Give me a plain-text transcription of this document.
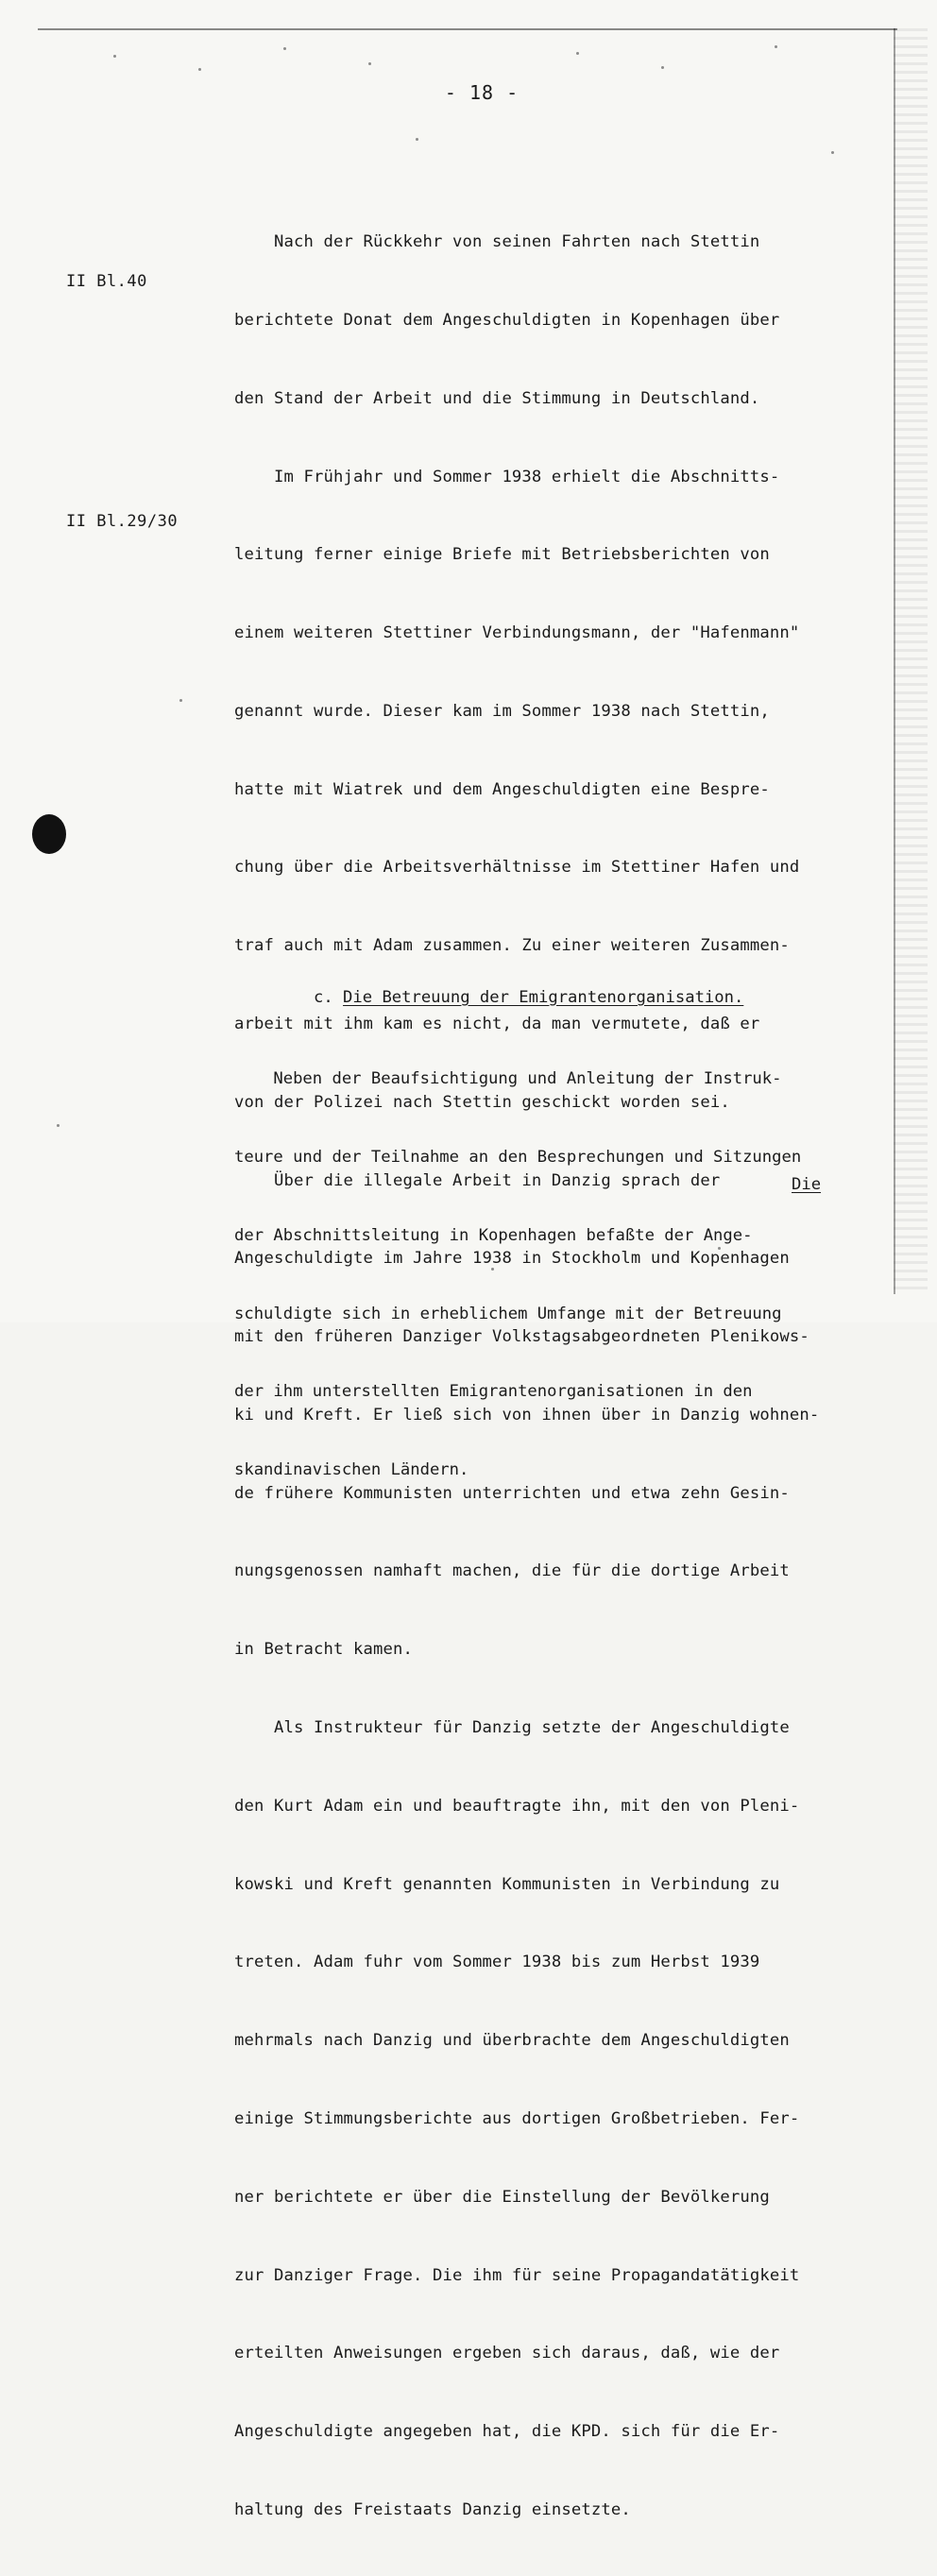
- 18 -
II Bl.40
II Bl.29/30

Nach der Rückkehr von seinen Fahrten nach Stettin

berichtete Donat dem Angeschuldigten in Kopenhagen über

den Stand der Arbeit und die Stimmung in Deutschland.

Im Frühjahr und Sommer 1938 erhielt die Abschnitts-

leitung ferner einige Briefe mit Betriebsberichten von

einem weiteren Stettiner Verbindungsmann, der "Hafenmann"

genannt wurde. Dieser kam im Sommer 1938 nach Stettin,

hatte mit Wiatrek und dem Angeschuldigten eine Bespre-

chung über die Arbeitsverhältnisse im Stettiner Hafen und

traf auch mit Adam zusammen. Zu einer weiteren Zusammen-

arbeit mit ihm kam es nicht, da man vermutete, daß er

von der Polizei nach Stettin geschickt worden sei.

Über die illegale Arbeit in Danzig sprach der

Angeschuldigte im Jahre 1938 in Stockholm und Kopenhagen

mit den früheren Danziger Volkstagsabgeordneten Plenikows-

ki und Kreft. Er ließ sich von ihnen über in Danzig wohnen-

de frühere Kommunisten unterrichten und etwa zehn Gesin-

nungsgenossen namhaft machen, die für die dortige Arbeit

in Betracht kamen.

Als Instrukteur für Danzig setzte der Angeschuldigte

den Kurt Adam ein und beauftragte ihn, mit den von Pleni-

kowski und Kreft genannten Kommunisten in Verbindung zu

treten. Adam fuhr vom Sommer 1938 bis zum Herbst 1939

mehrmals nach Danzig und überbrachte dem Angeschuldigten

einige Stimmungsberichte aus dortigen Großbetrieben. Fer-

ner berichtete er über die Einstellung der Bevölkerung

zur Danziger Frage. Die ihm für seine Propagandatätigkeit

erteilten Anweisungen ergeben sich daraus, daß, wie der

Angeschuldigte angegeben hat, die KPD. sich für die Er-

haltung des Freistaats Danzig einsetzte.

c. Die Betreuung der Emigrantenorganisation.

Neben der Beaufsichtigung und Anleitung der Instruk-

teure und der Teilnahme an den Besprechungen und Sitzungen

der Abschnittsleitung in Kopenhagen befaßte der Ange-

schuldigte sich in erheblichem Umfange mit der Betreuung

der ihm unterstellten Emigrantenorganisationen in den

skandinavischen Ländern.

Die
